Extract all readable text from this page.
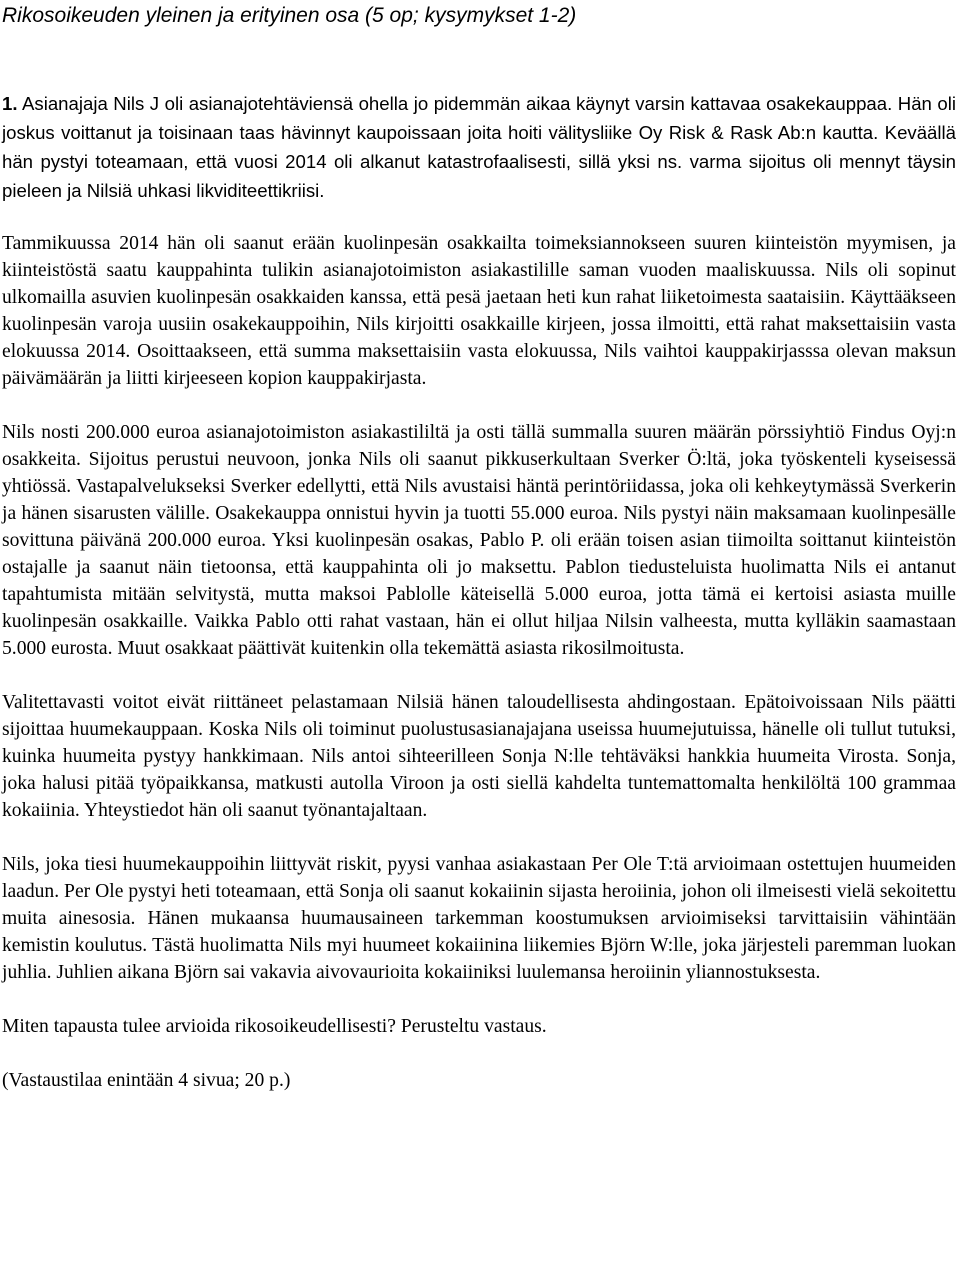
Rikosoikeuden yleinen ja erityinen osa (5 op; kysymykset 1-2)

1. Asianajaja Nils J oli asianajotehtäviensä ohella jo pidemmän aikaa käynyt varsin kattavaa osakekauppaa. Hän oli joskus voittanut ja toisinaan taas hävinnyt kaupoissaan joita hoiti välitysliike Oy Risk & Rask Ab:n kautta. Keväällä hän pystyi toteamaan, että vuosi 2014 oli alkanut katastrofaalisesti, sillä yksi ns. varma sijoitus oli mennyt täysin pieleen ja Nilsiä uhkasi likviditeettikriisi.

Tammikuussa 2014 hän oli saanut erään kuolinpesän osakkailta toimeksiannokseen suuren kiinteistön myymisen, ja kiinteistöstä saatu kauppahinta tulikin asianajotoimiston asiakastilille saman vuoden maaliskuussa. Nils oli sopinut ulkomailla asuvien kuolinpesän osakkaiden kanssa, että pesä jaetaan heti kun rahat liiketoimesta saataisiin. Käyttääkseen kuolinpesän varoja uusiin osakekauppoihin, Nils kirjoitti osakkaille kirjeen, jossa ilmoitti, että rahat maksettaisiin vasta elokuussa 2014. Osoittaakseen, että summa maksettaisiin vasta elokuussa, Nils vaihtoi kauppakirjasssa olevan maksun päivämäärän ja liitti kirjeeseen kopion kauppakirjasta.

Nils nosti 200.000 euroa asianajotoimiston asiakastililtä ja osti tällä summalla suuren määrän pörssiyhtiö Findus Oyj:n osakkeita. Sijoitus perustui neuvoon, jonka Nils oli saanut pikkuserkultaan Sverker Ö:ltä, joka työskenteli kyseisessä yhtiössä. Vastapalvelukseksi Sverker edellytti, että Nils avustaisi häntä perintöriidassa, joka oli kehkeytymässä Sverkerin ja hänen sisarusten välille. Osakekauppa onnistui hyvin ja tuotti 55.000 euroa. Nils pystyi näin maksamaan kuolinpesälle sovittuna päivänä 200.000 euroa. Yksi kuolinpesän osakas, Pablo P. oli erään toisen asian tiimoilta soittanut kiinteistön ostajalle ja saanut näin tietoonsa, että kauppahinta oli jo maksettu. Pablon tiedusteluista huolimatta Nils ei antanut tapahtumista mitään selvitystä, mutta maksoi Pablolle käteisellä 5.000 euroa, jotta tämä ei kertoisi asiasta muille kuolinpesän osakkaille. Vaikka Pablo otti rahat vastaan, hän ei ollut hiljaa Nilsin valheesta, mutta kylläkin saamastaan 5.000 eurosta. Muut osakkaat päättivät kuitenkin olla tekemättä asiasta rikosilmoitusta.

Valitettavasti voitot eivät riittäneet pelastamaan Nilsiä hänen taloudellisesta ahdingostaan. Epätoivoissaan Nils päätti sijoittaa huumekauppaan. Koska Nils oli toiminut puolustusasianajajana useissa huumejutuissa, hänelle oli tullut tutuksi, kuinka huumeita pystyy hankkimaan. Nils antoi sihteerilleen Sonja N:lle tehtäväksi hankkia huumeita Virosta. Sonja, joka halusi pitää työpaikkansa, matkusti autolla Viroon ja osti siellä kahdelta tuntemattomalta henkilöltä 100 grammaa kokaiinia. Yhteystiedot hän oli saanut työnantajaltaan.

Nils, joka tiesi huumekauppoihin liittyvät riskit, pyysi vanhaa asiakastaan Per Ole T:tä arvioimaan ostettujen huumeiden laadun. Per Ole pystyi heti toteamaan, että Sonja oli saanut kokaiinin sijasta heroiinia, johon oli ilmeisesti vielä sekoitettu muita ainesosia. Hänen mukaansa huumausaineen tarkemman koostumuksen arvioimiseksi tarvittaisiin vähintään kemistin koulutus. Tästä huolimatta Nils myi huumeet kokaiinina liikemies Björn W:lle, joka järjesteli paremman luokan juhlia. Juhlien aikana Björn sai vakavia aivovaurioita kokaiiniksi luulemansa heroiinin yliannostuksesta.

Miten tapausta tulee arvioida rikosoikeudellisesti? Perusteltu vastaus.

(Vastaustilaa enintään 4 sivua; 20 p.)
